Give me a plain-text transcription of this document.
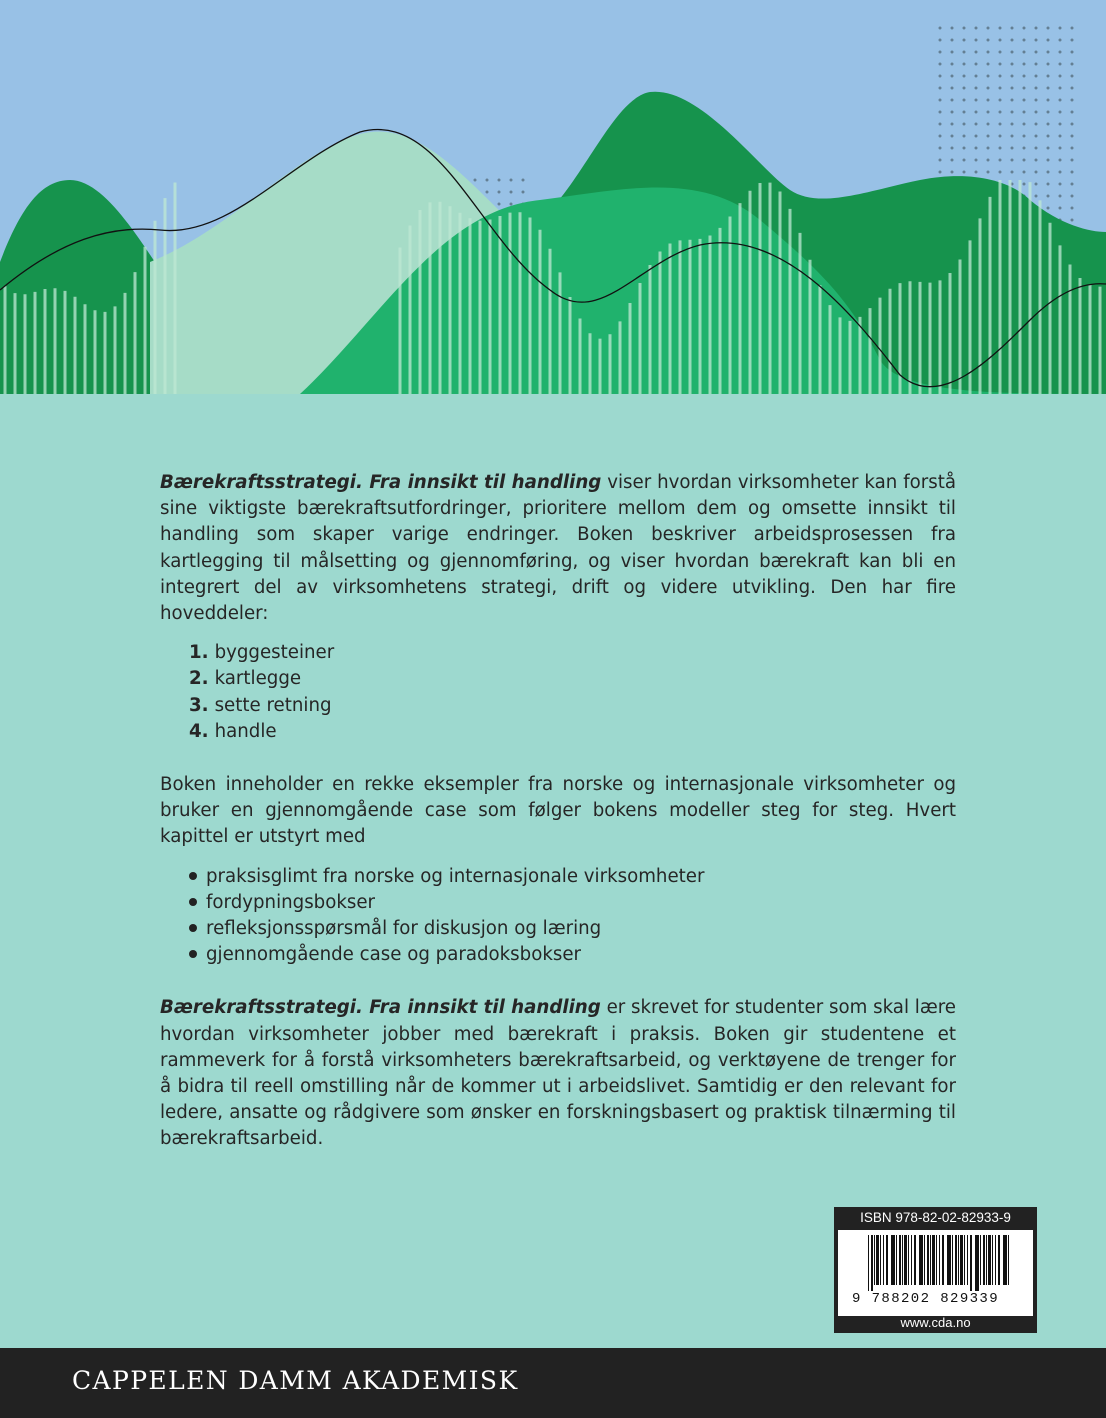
Bærekraftsstrategi. Fra innsikt til handling viser hvordan virksomheter kan forstå sine viktigste bærekraftsutfordringer, prioritere mellom dem og omsette innsikt til handling som skaper varige endringer. Boken beskriver arbeidsprosessen fra kartlegging til målsetting og gjennomføring, og viser hvordan bærekraft kan bli en integrert del av virksomhetens strategi, drift og videre utvikling. Den har fire hoveddeler:

1. byggesteiner
2. kartlegge
3. sette retning
4. handle

Boken inneholder en rekke eksempler fra norske og internasjonale virksomheter og bruker en gjennomgående case som følger bokens modeller steg for steg. Hvert kapittel er utstyrt med

praksisglimt fra norske og internasjonale virksomheter
fordypningsbokser
refleksjonsspørsmål for diskusjon og læring
gjennomgående case og paradoksbokser

Bærekraftsstrategi. Fra innsikt til handling er skrevet for studenter som skal lære hvordan virksomheter jobber med bærekraft i praksis. Boken gir studentene et rammeverk for å forstå virksomheters bærekraftsarbeid, og verktøyene de trenger for å bidra til reell omstilling når de kommer ut i arbeidslivet. Samtidig er den relevant for ledere, ansatte og rådgivere som ønsker en forskningsbasert og praktisk tilnærming til bærekraftsarbeid.

ISBN 978-82-02-82933-9
9 788202 829339
www.cda.no
CAPPELEN DAMM AKADEMISK
